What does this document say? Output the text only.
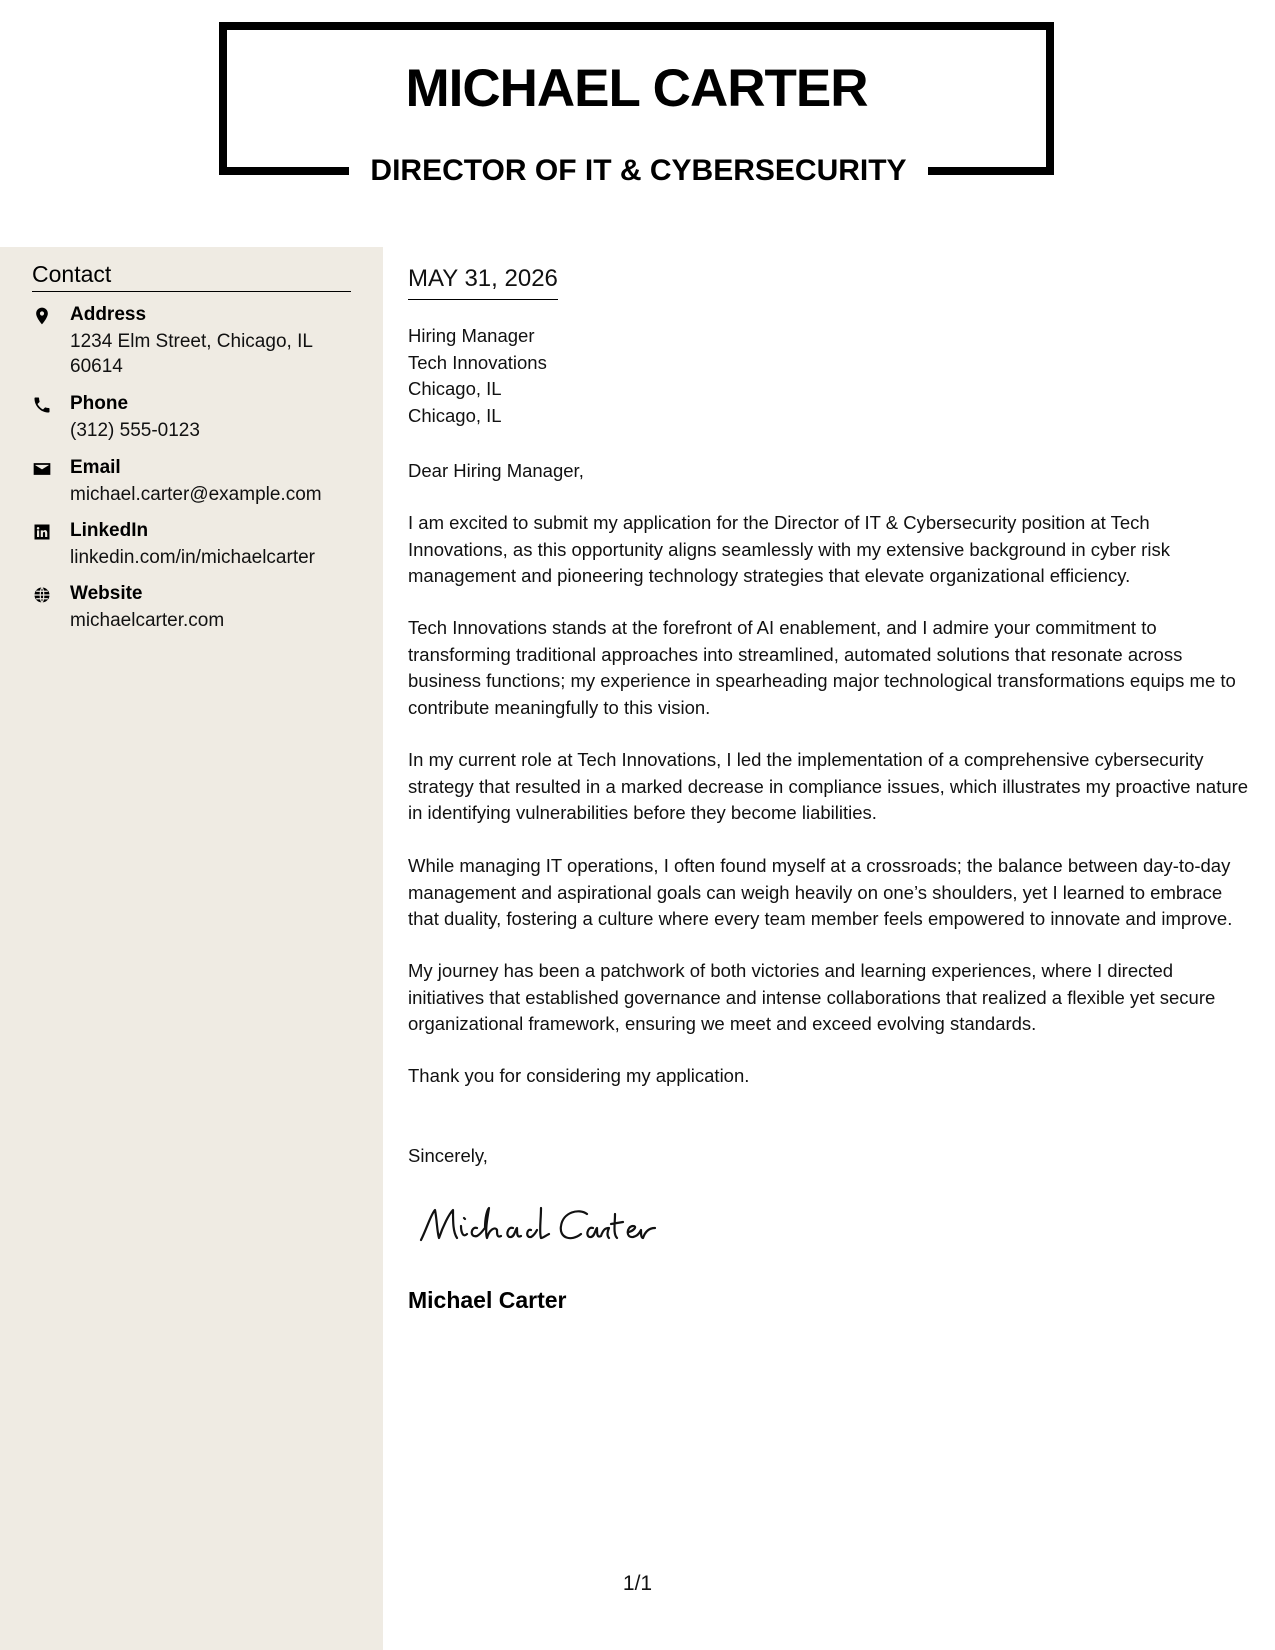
MICHAEL CARTER
DIRECTOR OF IT & CYBERSECURITY
Contact
Address
1234 Elm Street, Chicago, IL 60614
Phone
(312) 555-0123
Email
michael.carter@example.com
LinkedIn
linkedin.com/in/michaelcarter
Website
michaelcarter.com
MAY 31, 2026
Hiring Manager
Tech Innovations
Chicago, IL
Chicago, IL
Dear Hiring Manager,
I am excited to submit my application for the Director of IT & Cybersecurity position at Tech Innovations, as this opportunity aligns seamlessly with my extensive background in cyber risk management and pioneering technology strategies that elevate organizational efficiency.
Tech Innovations stands at the forefront of AI enablement, and I admire your commitment to transforming traditional approaches into streamlined, automated solutions that resonate across business functions; my experience in spearheading major technological transformations equips me to contribute meaningfully to this vision.
In my current role at Tech Innovations, I led the implementation of a comprehensive cybersecurity strategy that resulted in a marked decrease in compliance issues, which illustrates my proactive nature in identifying vulnerabilities before they become liabilities.
While managing IT operations, I often found myself at a crossroads; the balance between day-to-day management and aspirational goals can weigh heavily on one’s shoulders, yet I learned to embrace that duality, fostering a culture where every team member feels empowered to innovate and improve.
My journey has been a patchwork of both victories and learning experiences, where I directed initiatives that established governance and intense collaborations that realized a flexible yet secure organizational framework, ensuring we meet and exceed evolving standards.
Thank you for considering my application.
Sincerely,
Michael Carter
1/1
